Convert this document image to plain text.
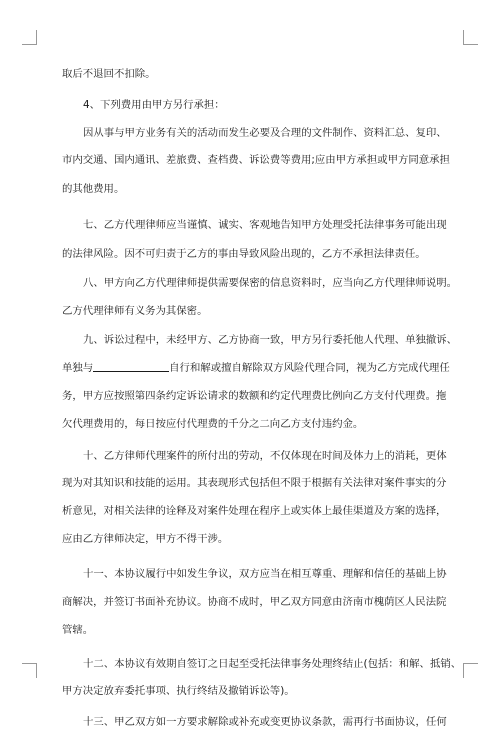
取后不退回不扣除。
4、下列费用由甲方另行承担：
因从事与甲方业务有关的活动而发生必要及合理的文件制作、资料汇总、复印、
市内交通、国内通讯、差旅费、查档费、诉讼费等费用;应由甲方承担或甲方同意承担
的其他费用。
七、乙方代理律师应当谨慎、诚实、客观地告知甲方处理受托法律事务可能出现
的法律风险。因不可归责于乙方的事由导致风险出现的，乙方不承担法律责任。
八、甲方向乙方代理律师提供需要保密的信息资料时，应当向乙方代理律师说明。
乙方代理律师有义务为其保密。
九、诉讼过程中，未经甲方、乙方协商一致，甲方另行委托他人代理、单独撤诉、
单独与	自行和解或擅自解除双方风险代理合同，视为乙方完成代理任
务，甲方应按照第四条约定诉讼请求的数额和约定代理费比例向乙方支付代理费。拖
欠代理费用的，每日按应付代理费的千分之二向乙方支付违约金。
十、乙方律师代理案件的所付出的劳动，不仅体现在时间及体力上的消耗，更体
现为对其知识和技能的运用。其表现形式包括但不限于根据有关法律对案件事实的分
析意见，对相关法律的诠释及对案件处理在程序上或实体上最佳渠道及方案的选择，
应由乙方律师决定，甲方不得干涉。
十一、本协议履行中如发生争议，双方应当在相互尊重、理解和信任的基础上协
商解决，并签订书面补充协议。协商不成时，甲乙双方同意由济南市槐荫区人民法院
管辖。
十二、本协议有效期自签订之日起至受托法律事务处理终结止(包括：和解、抵销、
甲方决定放弃委托事项、执行终结及撤销诉讼等)。
十三、甲乙双方如一方要求解除或补充或变更协议条款，需再行书面协议，任何
